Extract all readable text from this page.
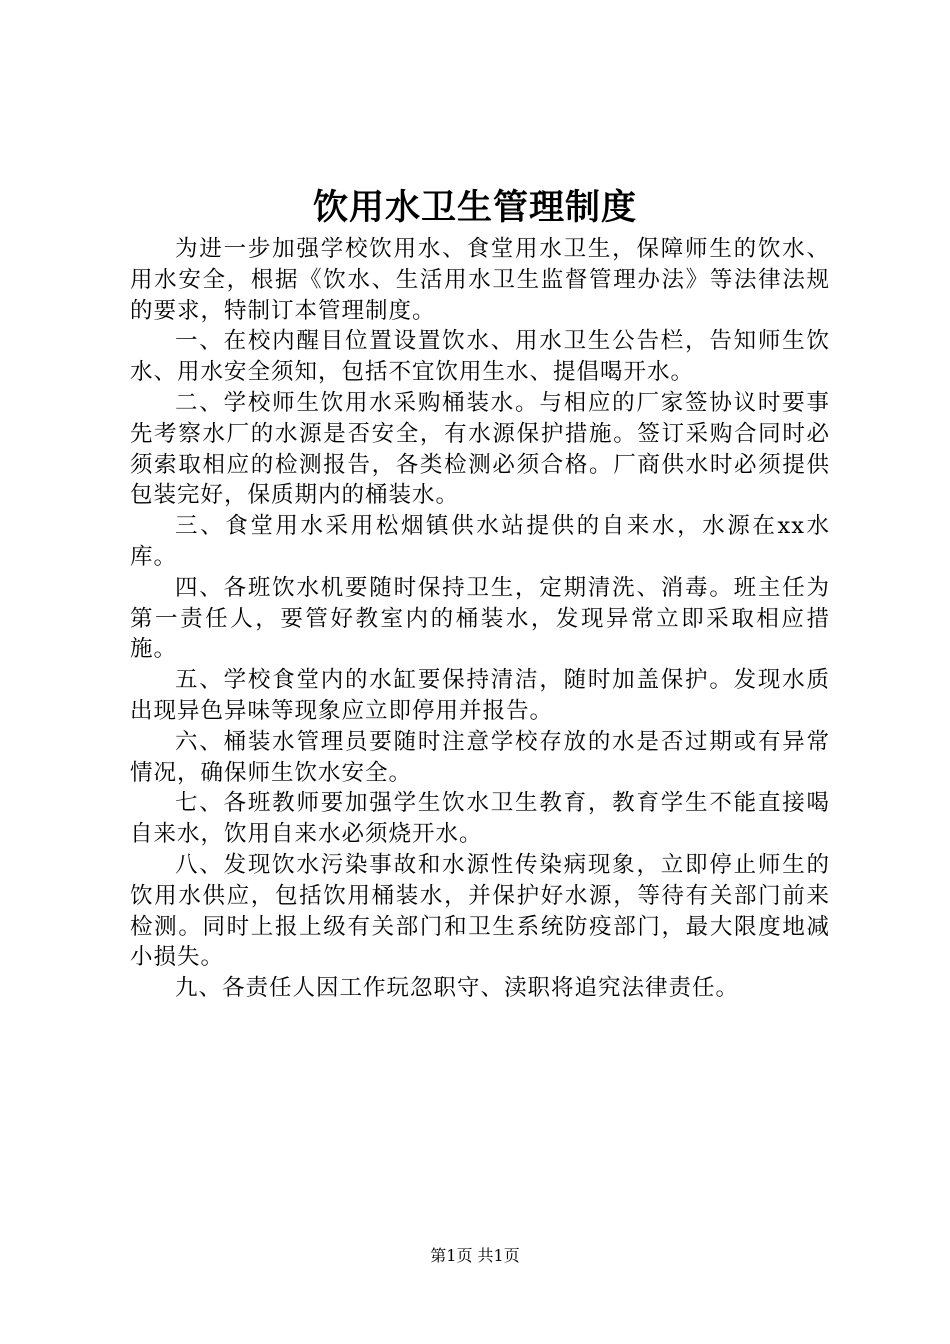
饮用水卫生管理制度

为进一步加强学校饮用水、食堂用水卫生，保障师生的饮水、用水安全，根据《饮水、生活用水卫生监督管理办法》等法律法规的要求，特制订本管理制度。

一、在校内醒目位置设置饮水、用水卫生公告栏，告知师生饮水、用水安全须知，包括不宜饮用生水、提倡喝开水。

二、学校师生饮用水采购桶装水。与相应的厂家签协议时要事先考察水厂的水源是否安全，有水源保护措施。签订采购合同时必须索取相应的检测报告，各类检测必须合格。厂商供水时必须提供包装完好，保质期内的桶装水。

三、食堂用水采用松烟镇供水站提供的自来水，水源在xx水库。

四、各班饮水机要随时保持卫生，定期清洗、消毒。班主任为第一责任人，要管好教室内的桶装水，发现异常立即采取相应措施。

五、学校食堂内的水缸要保持清洁，随时加盖保护。发现水质出现异色异味等现象应立即停用并报告。

六、桶装水管理员要随时注意学校存放的水是否过期或有异常情况，确保师生饮水安全。

七、各班教师要加强学生饮水卫生教育，教育学生不能直接喝自来水，饮用自来水必须烧开水。

八、发现饮水污染事故和水源性传染病现象，立即停止师生的饮用水供应，包括饮用桶装水，并保护好水源，等待有关部门前来检测。同时上报上级有关部门和卫生系统防疫部门，最大限度地减小损失。

九、各责任人因工作玩忽职守、渎职将追究法律责任。

第1页 共1页
